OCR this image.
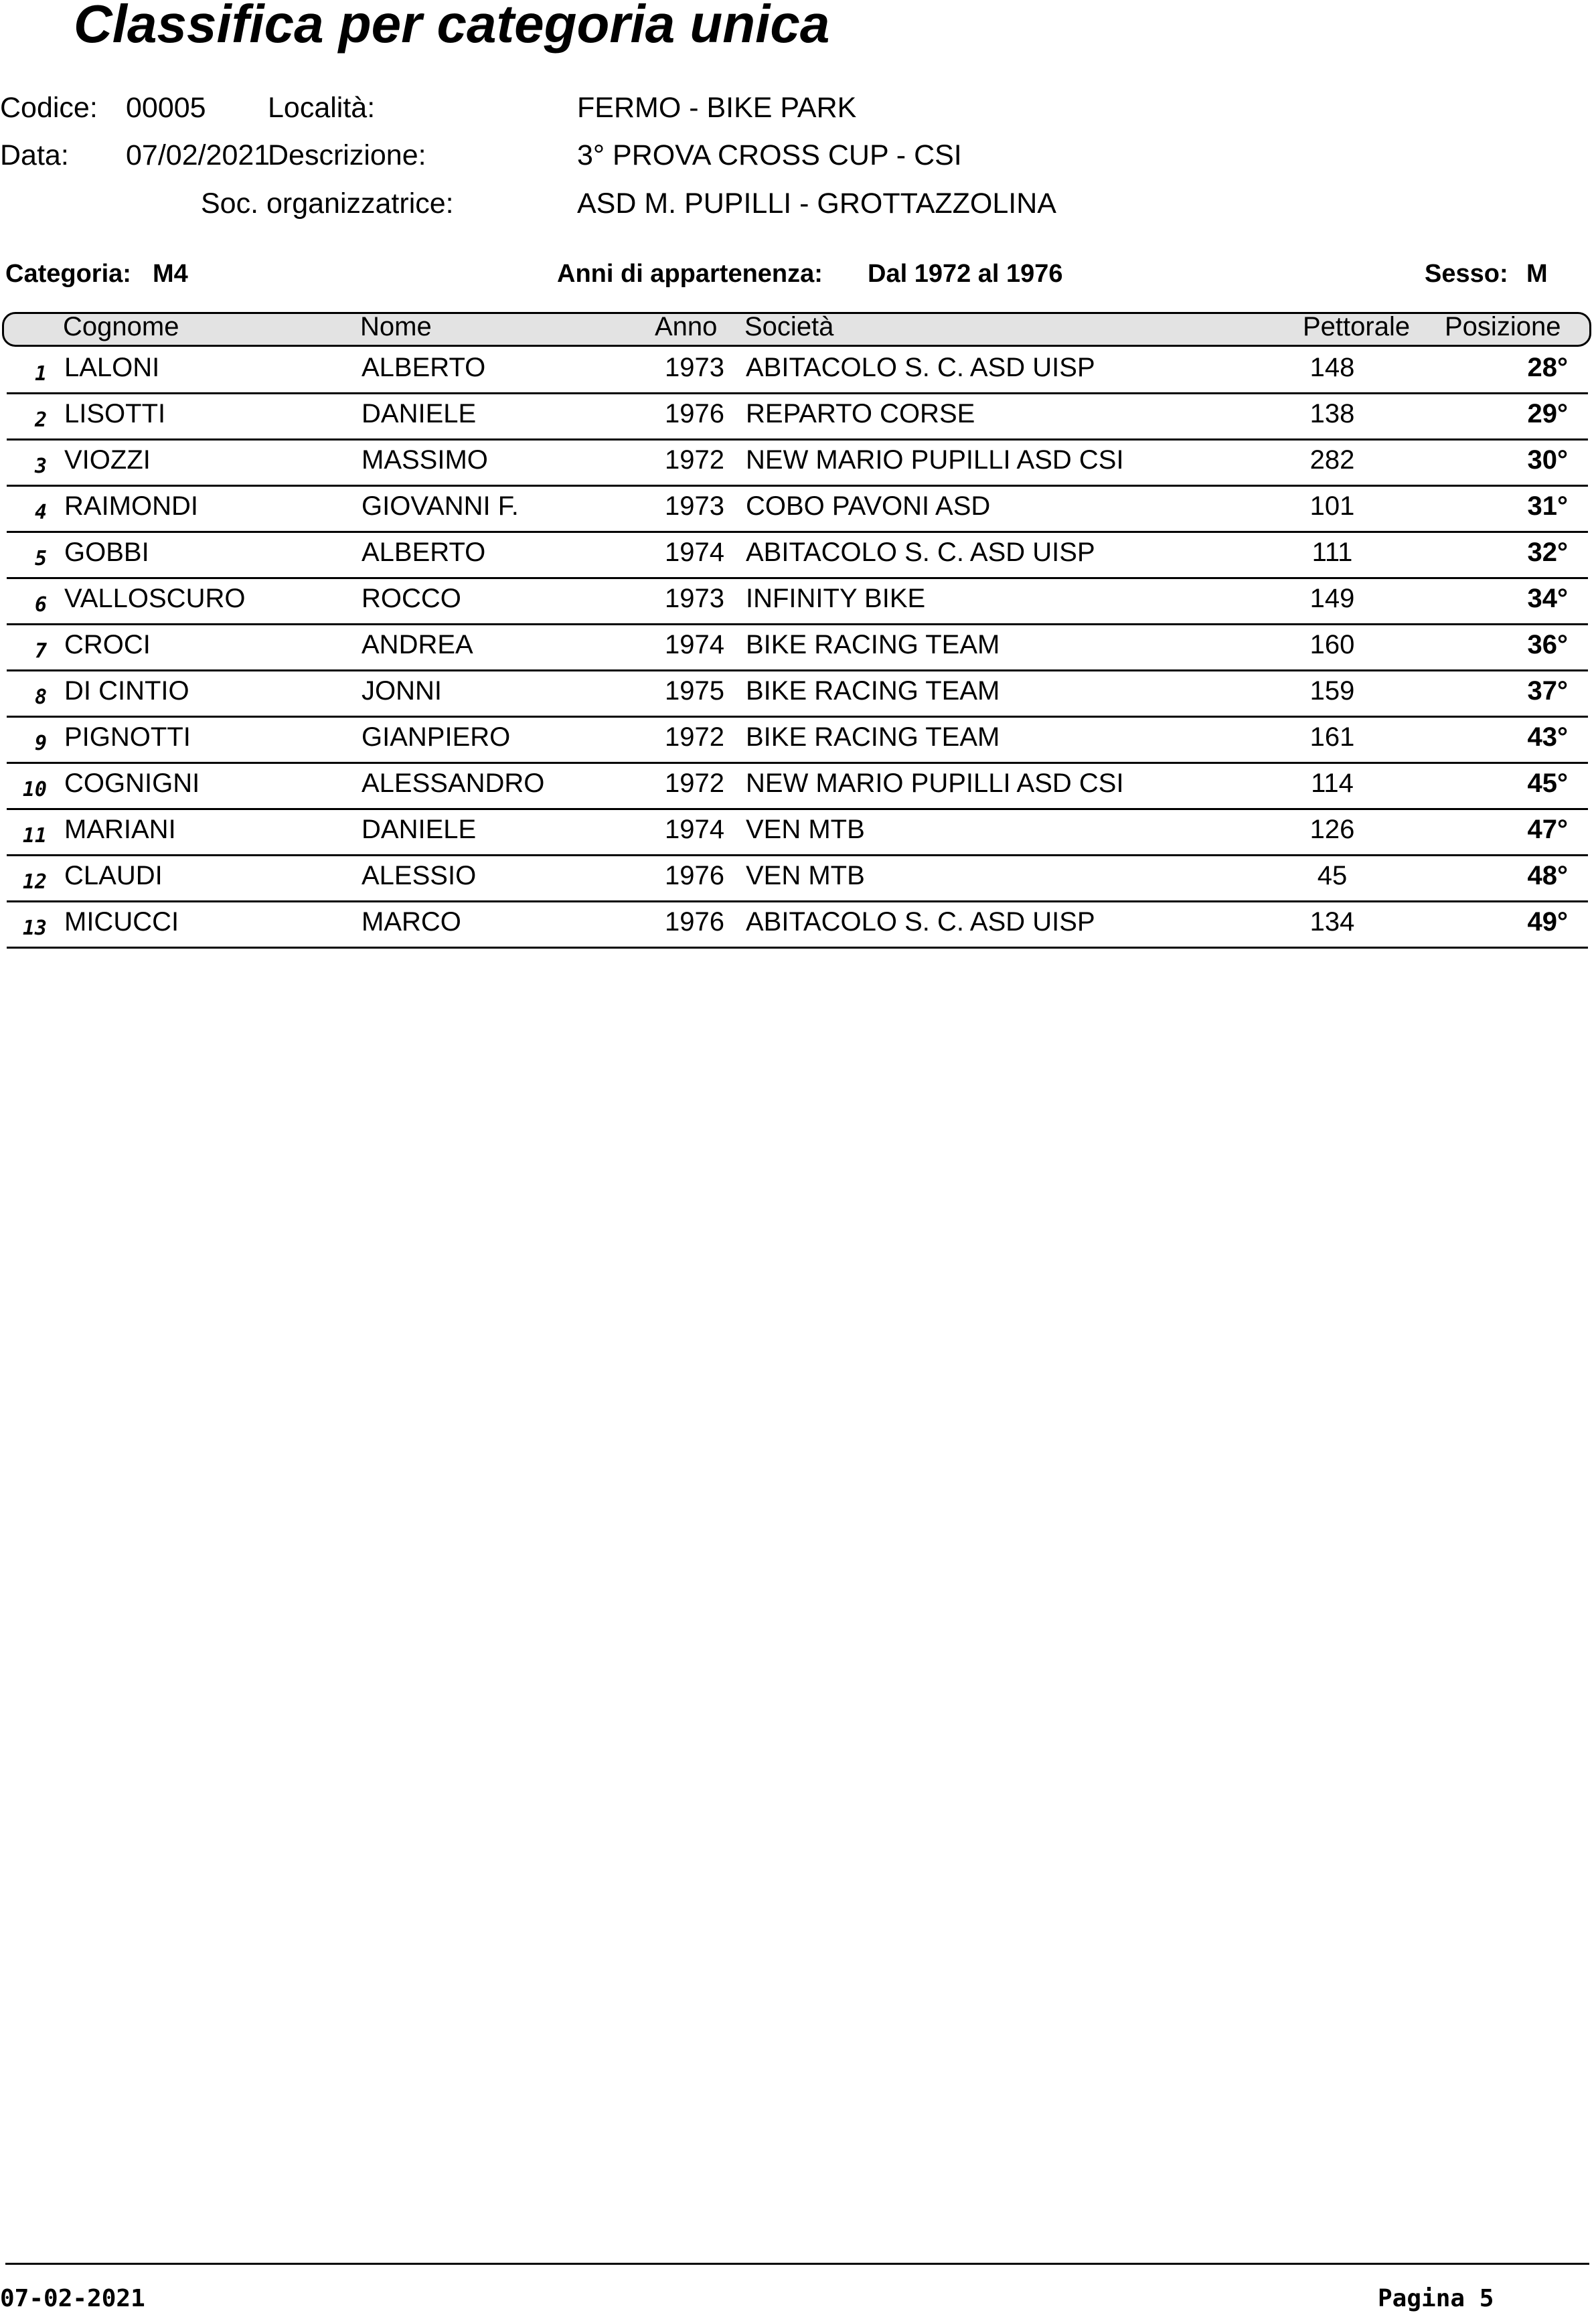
Classifica per categoria unica
Codice: 00005
Data:	07/02/2021
Località:	FERMO - BIKE PARK
Descrizione:	3° PROVA CROSS CUP - CSI
Soc. organizzatrice:	ASD M. PUPILLI - GROTTAZZOLINA
Categoria: M4	Anni di appartenenza: Dal 1972 al 1976	Sesso: M
Cognome	Nome	Anno Società	Pettorale Posizione
1 LALONI	ALBERTO	1973 ABITACOLO S. C. ASD UISP	148	28°
2 LISOTTI	DANIELE	1976 REPARTO CORSE	138	29°
3 VIOZZI	MASSIMO	1972 NEW MARIO PUPILLI ASD CSI	282	30°
4 RAIMONDI	GIOVANNI F.	1973 COBO PAVONI ASD	101	31°
5 GOBBI	ALBERTO	1974 ABITACOLO S. C. ASD UISP	111	32°
6 VALLOSCURO	ROCCO	1973 INFINITY BIKE	149	34°
7 CROCI	ANDREA	1974 BIKE RACING TEAM	160	36°
8 DI CINTIO	JONNI	1975 BIKE RACING TEAM	159	37°
9 PIGNOTTI	GIANPIERO	1972 BIKE RACING TEAM	161	43°
10 COGNIGNI	ALESSANDRO	1972 NEW MARIO PUPILLI ASD CSI	114	45°
11 MARIANI	DANIELE	1974 VEN MTB	126	47°
12 CLAUDI	ALESSIO	1976 VEN MTB	45	48°
13 MICUCCI	MARCO	1976 ABITACOLO S. C. ASD UISP	134	49°
07-02-2021	Pagina 5
